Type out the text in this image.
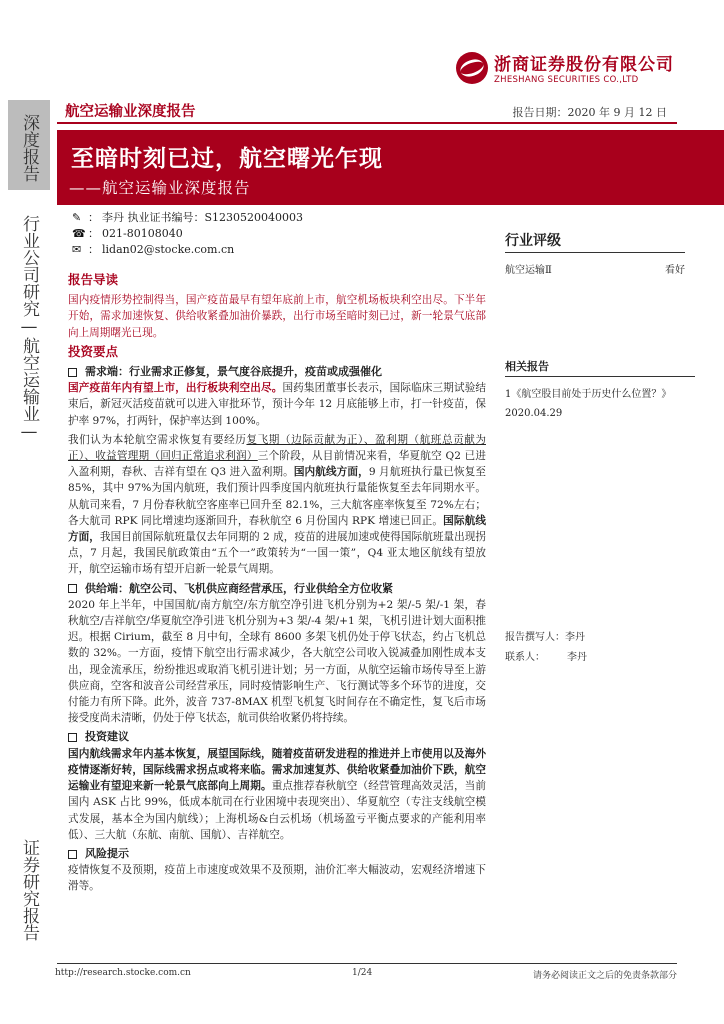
浙商证券股份有限公司
ZHESHANG SECURITIES CO.,LTD
深度报告
行业公司研究—航空运输业—
证券研究报告
航空运输业深度报告	报告日期：2020 年 9 月 12 日
至暗时刻已过，航空曙光乍现
——航空运输业深度报告
✎ ： 李丹 执业证书编号：S1230520040003
☎ ： 021-80108040
✉ ： lidan02@stocke.com.cn
行业评级
航空运输Ⅱ	看好
相关报告
1《航空股目前处于历史什么位置？》
2020.04.29
报告撰写人：李丹
联系人： 李丹
报告导读
国内疫情形势控制得当，国产疫苗最早有望年底前上市，航空机场板块利空出尽。下半年开始，需求加速恢复、供给收紧叠加油价暴跌，出行市场至暗时刻已过，新一轮景气底部向上周期曙光已现。
投资要点
需求端：行业需求正修复，景气度谷底提升，疫苗或成强催化
国产疫苗年内有望上市，出行板块利空出尽。国药集团董事长表示，国际临床三期试验结束后，新冠灭活疫苗就可以进入审批环节，预计今年 12 月底能够上市，打一针疫苗，保护率 97%，打两针，保护率达到 100%。
我们认为本轮航空需求恢复有要经历复飞期（边际贡献为正）、盈利期（航班总贡献为正）、收益管理期（回归正常追求利润）三个阶段，从目前情况来看，华夏航空 Q2 已进入盈利期，春秋、吉祥有望在 Q3 进入盈利期。国内航线方面，9 月航班执行量已恢复至 85%，其中 97%为国内航班，我们预计四季度国内航班执行量能恢复至去年同期水平。从航司来看，7 月份春秋航空客座率已回升至 82.1%，三大航客座率恢复至 72%左右；各大航司 RPK 同比增速均逐渐回升，春秋航空 6 月份国内 RPK 增速已回正。国际航线方面，我国目前国际航班量仅去年同期的 2 成，疫苗的进展加速或使得国际航班量出现拐点，7 月起，我国民航政策由“五个一”政策转为“一国一策”，Q4 亚太地区航线有望放开，航空运输市场有望开启新一轮景气周期。
供给端：航空公司、飞机供应商经营承压，行业供给全方位收紧
2020 年上半年，中国国航/南方航空/东方航空净引进飞机分别为+2 架/-5 架/-1 架，春秋航空/吉祥航空/华夏航空净引进飞机分别为+3 架/-4 架/+1 架，飞机引进计划大面积推迟。根据 Cirium，截至 8 月中旬，全球有 8600 多架飞机仍处于停飞状态，约占飞机总数的 32%。一方面，疫情下航空出行需求减少，各大航空公司收入锐减叠加刚性成本支出，现金流承压，纷纷推迟或取消飞机引进计划；另一方面，从航空运输市场传导至上游供应商，空客和波音公司经营承压，同时疫情影响生产、飞行测试等多个环节的进度，交付能力有所下降。此外，波音 737-8MAX 机型飞机复飞时间存在不确定性，复飞后市场接受度尚未清晰，仍处于停飞状态，航司供给收紧仍将持续。
投资建议
国内航线需求年内基本恢复，展望国际线，随着疫苗研发进程的推进并上市使用以及海外疫情逐渐好转，国际线需求拐点或将来临。需求加速复苏、供给收紧叠加油价下跌，航空运输业有望迎来新一轮景气底部向上周期。重点推荐春秋航空（经营管理高效灵活，当前国内 ASK 占比 99%，低成本航司在行业困境中表现突出）、华夏航空（专注支线航空模式发展，基本全为国内航线）；上海机场&白云机场（机场盈亏平衡点要求的产能利用率低）、三大航（东航、南航、国航）、吉祥航空。
风险提示
疫情恢复不及预期，疫苗上市速度或效果不及预期，油价汇率大幅波动，宏观经济增速下滑等。
http://research.stocke.com.cn	1/24	请务必阅读正文之后的免责条款部分
